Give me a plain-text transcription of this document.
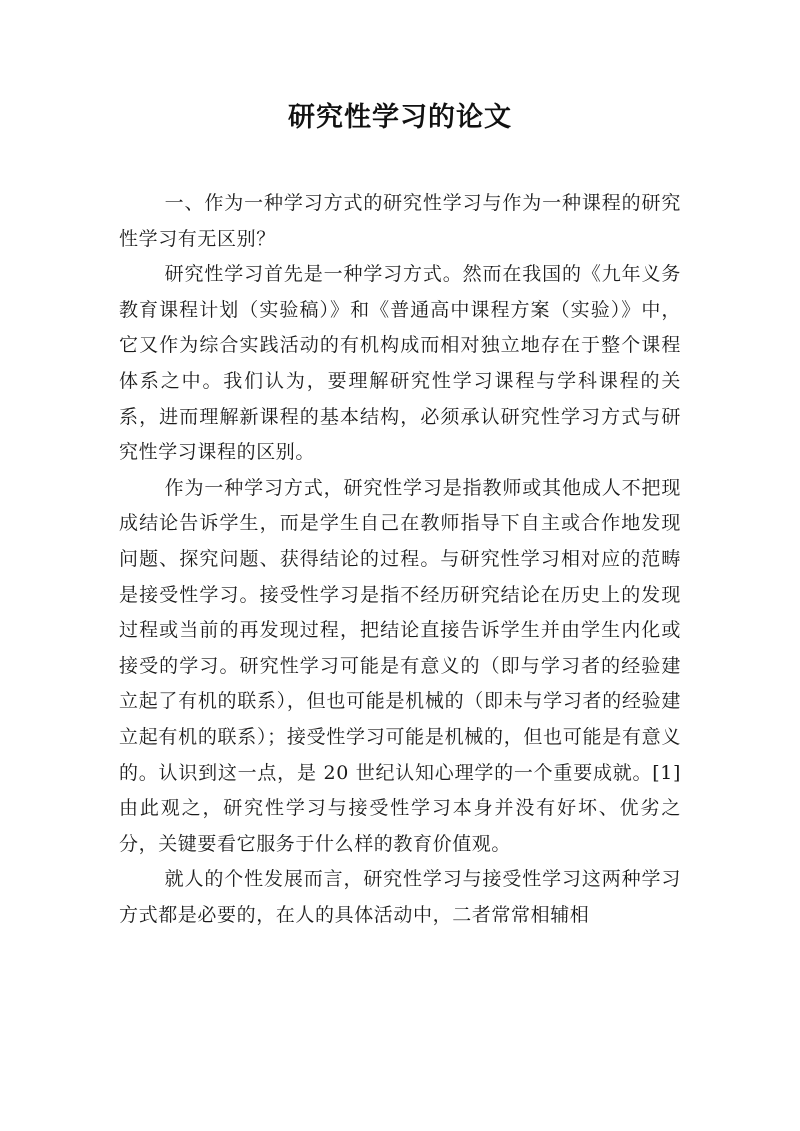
研究性学习的论文

一、作为一种学习方式的研究性学习与作为一种课程的研究性学习有无区别？

研究性学习首先是一种学习方式。然而在我国的《九年义务教育课程计划（实验稿）》和《普通高中课程方案（实验）》中，它又作为综合实践活动的有机构成而相对独立地存在于整个课程体系之中。我们认为，要理解研究性学习课程与学科课程的关系，进而理解新课程的基本结构，必须承认研究性学习方式与研究性学习课程的区别。

作为一种学习方式，研究性学习是指教师或其他成人不把现成结论告诉学生，而是学生自己在教师指导下自主或合作地发现问题、探究问题、获得结论的过程。与研究性学习相对应的范畴是接受性学习。接受性学习是指不经历研究结论在历史上的发现过程或当前的再发现过程，把结论直接告诉学生并由学生内化或接受的学习。研究性学习可能是有意义的（即与学习者的经验建立起了有机的联系），但也可能是机械的（即未与学习者的经验建立起有机的联系）；接受性学习可能是机械的，但也可能是有意义的。认识到这一点，是 20 世纪认知心理学的一个重要成就。[1] 由此观之，研究性学习与接受性学习本身并没有好坏、优劣之分，关键要看它服务于什么样的教育价值观。

就人的个性发展而言，研究性学习与接受性学习这两种学习方式都是必要的，在人的具体活动中，二者常常相辅相
